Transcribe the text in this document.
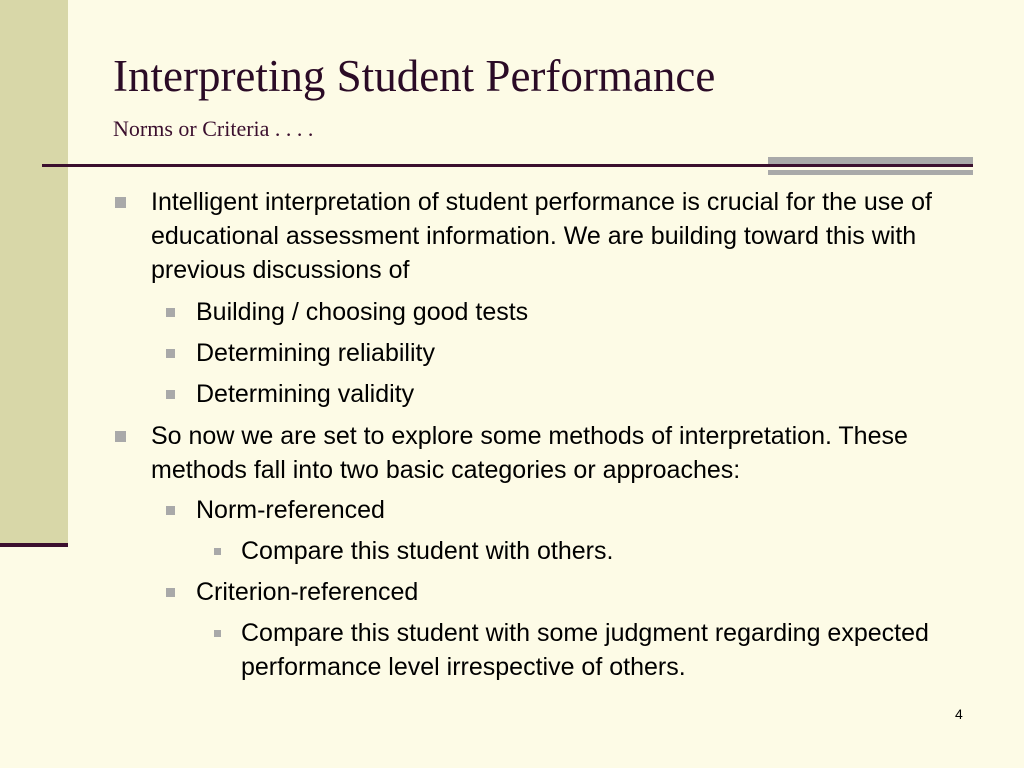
Interpreting Student Performance
Norms or Criteria . . . .
Intelligent interpretation of student performance is crucial for the use of educational assessment information. We are building toward this with previous discussions of
Building / choosing good tests
Determining reliability
Determining validity
So now we are set to explore some methods of interpretation. These methods fall into two basic categories or approaches:
Norm-referenced
Compare this student with others.
Criterion-referenced
Compare this student with some judgment regarding expected performance level irrespective of others.
4
